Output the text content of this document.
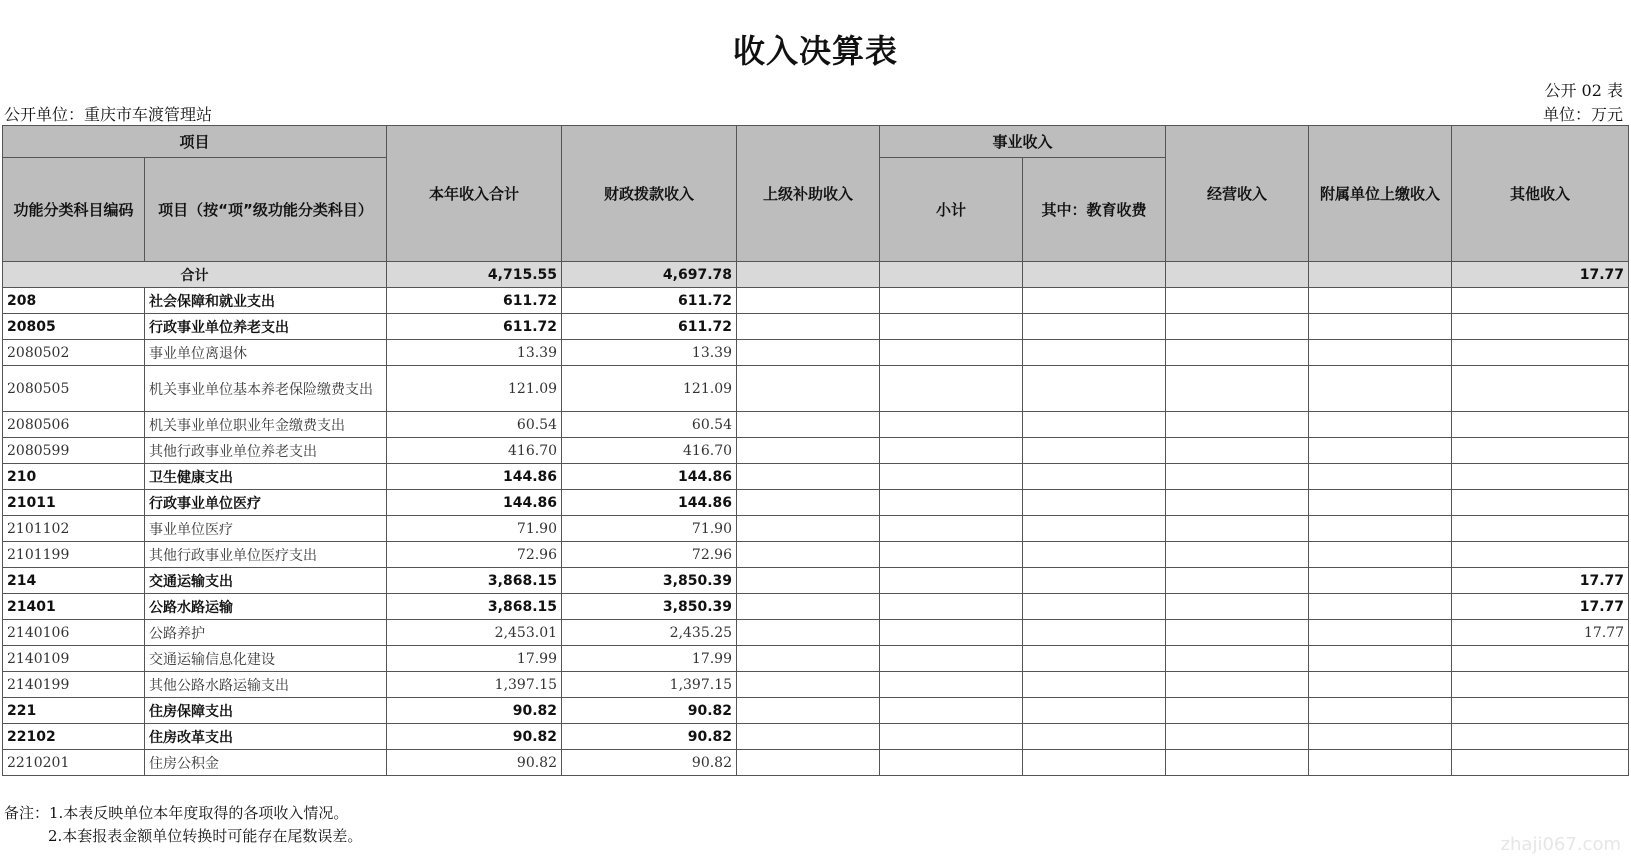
收入决算表
公开 02 表
公开单位：重庆市车渡管理站	单位：万元
项目		本年收入合计	财政拨款收入	上级补助收入	事业收入		经营收入	附属单位上缴收入	其他收入
功能分类科目编码	项目（按“项”级功能分类科目）				小计	其中：教育收费			
合计		4,715.55	4,697.78						17.77
208	社会保障和就业支出	611.72	611.72						
20805	行政事业单位养老支出	611.72	611.72						
2080502	事业单位离退休	13.39	13.39						
2080505	机关事业单位基本养老保险缴费支出	121.09	121.09						
2080506	机关事业单位职业年金缴费支出	60.54	60.54						
2080599	其他行政事业单位养老支出	416.70	416.70						
210	卫生健康支出	144.86	144.86						
21011	行政事业单位医疗	144.86	144.86						
2101102	事业单位医疗	71.90	71.90						
2101199	其他行政事业单位医疗支出	72.96	72.96						
214	交通运输支出	3,868.15	3,850.39						17.77
21401	公路水路运输	3,868.15	3,850.39						17.77
2140106	公路养护	2,453.01	2,435.25						17.77
2140109	交通运输信息化建设	17.99	17.99						
2140199	其他公路水路运输支出	1,397.15	1,397.15						
221	住房保障支出	90.82	90.82						
22102	住房改革支出	90.82	90.82						
2210201	住房公积金	90.82	90.82						
备注：1.本表反映单位本年度取得的各项收入情况。
2.本套报表金额单位转换时可能存在尾数误差。	zhaji067.com
